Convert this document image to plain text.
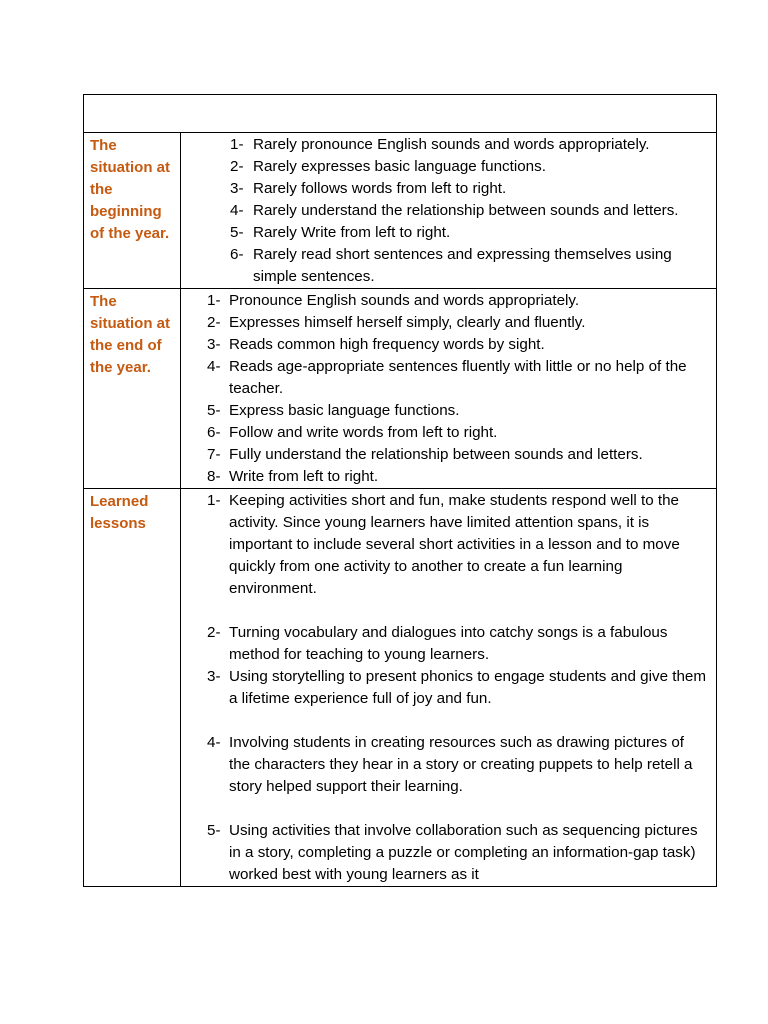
The situation at the beginning of the year.
1- Rarely pronounce English sounds and words appropriately.
2- Rarely expresses basic language functions.
3- Rarely follows words from left to right.
4- Rarely understand the relationship between sounds and letters.
5- Rarely Write from left to right.
6- Rarely read short sentences and expressing themselves using simple sentences.
The situation at the end of the year.
1- Pronounce English sounds and words appropriately.
2- Expresses himself herself simply, clearly and fluently.
3- Reads common high frequency words by sight.
4- Reads age-appropriate sentences fluently with little or no help of the teacher.
5- Express basic language functions.
6- Follow and write words from left to right.
7- Fully understand the relationship between sounds and letters.
8- Write from left to right.
Learned lessons
1- Keeping activities short and fun, make students respond well to the activity. Since young learners have limited attention spans, it is important to include several short activities in a lesson and to move quickly from one activity to another to create a fun learning environment.
2- Turning vocabulary and dialogues into catchy songs is a fabulous method for teaching to young learners.
3- Using storytelling to present phonics to engage students and give them a lifetime experience full of joy and fun.
4- Involving students in creating resources such as drawing pictures of the characters they hear in a story or creating puppets to help retell a story helped support their learning.
5- Using activities that involve collaboration such as sequencing pictures in a story, completing a puzzle or completing an information-gap task) worked best with young learners as it
